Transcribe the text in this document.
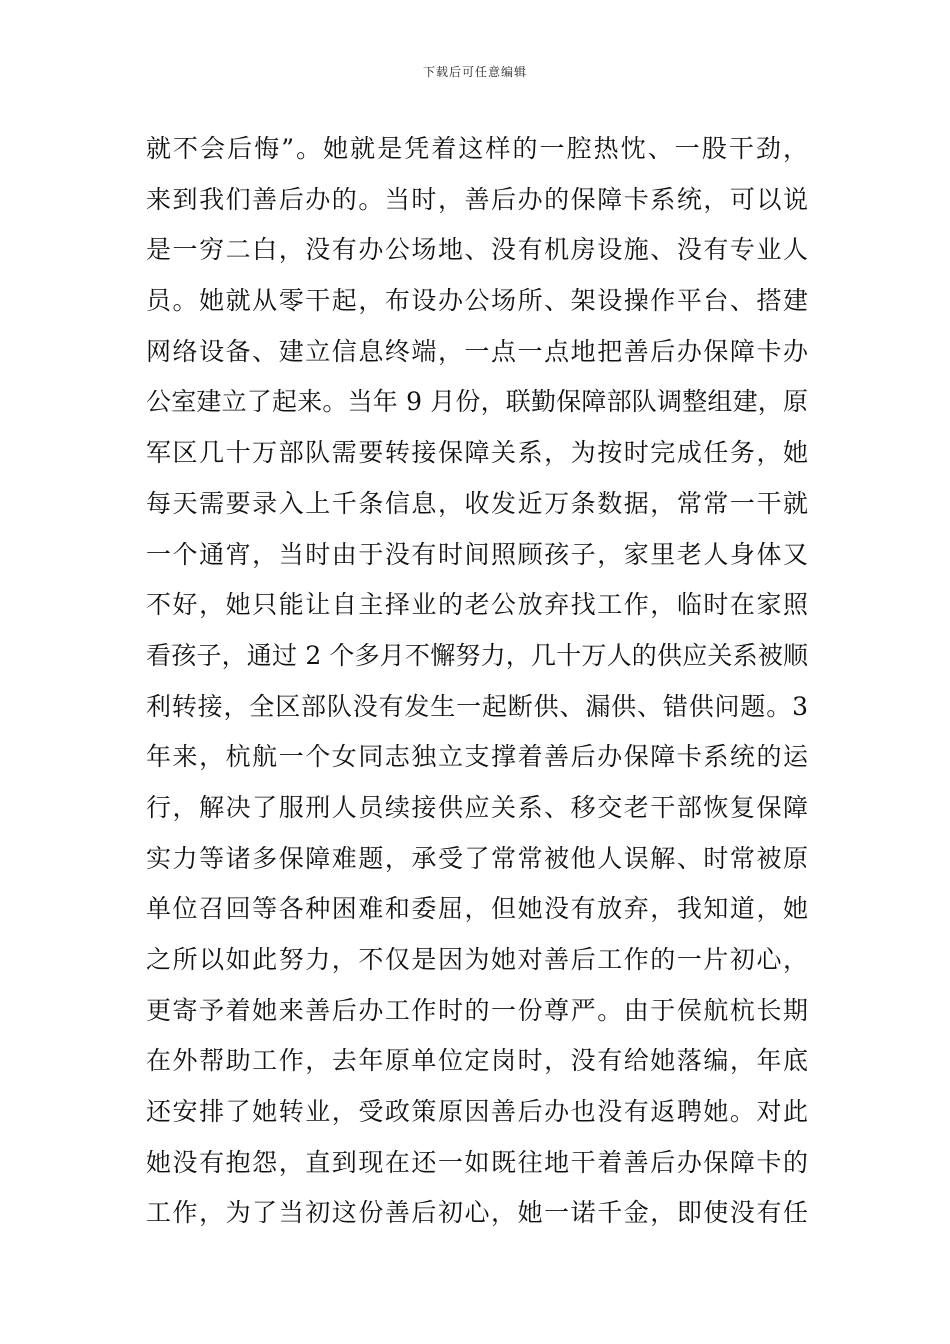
下载后可任意编辑
就不会后悔”。她就是凭着这样的一腔热忱、一股干劲，
来到我们善后办的。当时，善后办的保障卡系统，可以说
是一穷二白，没有办公场地、没有机房设施、没有专业人
员。她就从零干起，布设办公场所、架设操作平台、搭建
网络设备、建立信息终端，一点一点地把善后办保障卡办
公室建立了起来。当年 9 月份，联勤保障部队调整组建，原
军区几十万部队需要转接保障关系，为按时完成任务，她
每天需要录入上千条信息，收发近万条数据，常常一干就
一个通宵，当时由于没有时间照顾孩子，家里老人身体又
不好，她只能让自主择业的老公放弃找工作，临时在家照
看孩子，通过 2 个多月不懈努力，几十万人的供应关系被顺
利转接，全区部队没有发生一起断供、漏供、错供问题。3
年来，杭航一个女同志独立支撑着善后办保障卡系统的运
行，解决了服刑人员续接供应关系、移交老干部恢复保障
实力等诸多保障难题，承受了常常被他人误解、时常被原
单位召回等各种困难和委屈，但她没有放弃，我知道，她
之所以如此努力，不仅是因为她对善后工作的一片初心，
更寄予着她来善后办工作时的一份尊严。由于侯航杭长期
在外帮助工作，去年原单位定岗时，没有给她落编，年底
还安排了她转业，受政策原因善后办也没有返聘她。对此
她没有抱怨，直到现在还一如既往地干着善后办保障卡的
工作，为了当初这份善后初心，她一诺千金，即使没有任
